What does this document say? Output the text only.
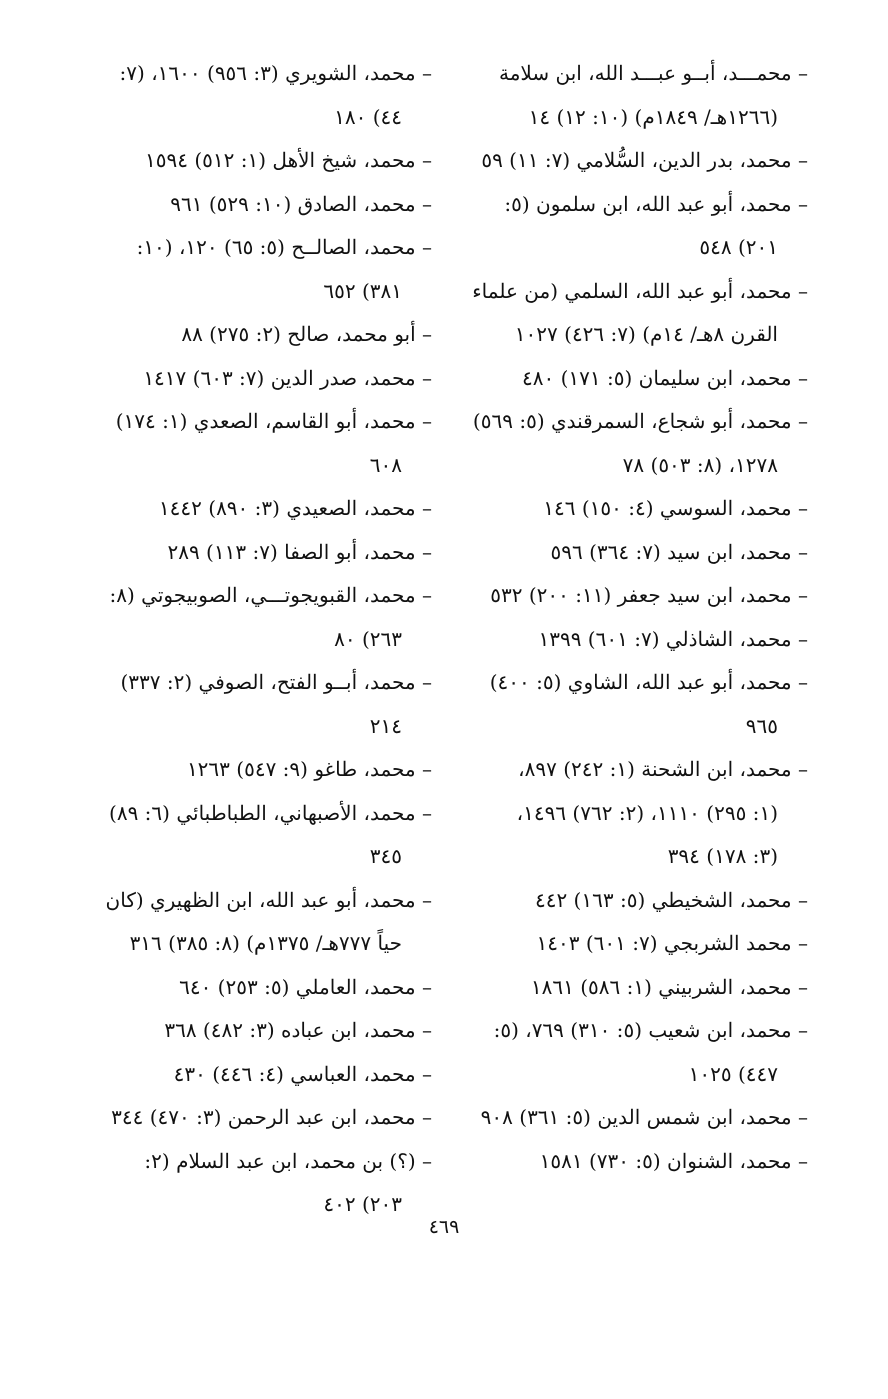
– محمـــد، أبــو عبـــد الله، ابن سلامة
(١٢٦٦هـ/ ١٨٤٩م) (١٠: ١٢) ١٤
– محمد، بدر الدين، السُّلامي (٧: ١١) ٥٩
– محمد، أبو عبد الله، ابن سلمون (٥:
٢٠١) ٥٤٨
– محمد، أبو عبد الله، السلمي (من علماء
القرن ٨هـ/ ١٤م) (٧: ٤٢٦) ١٠٢٧
– محمد، ابن سليمان (٥: ١٧١) ٤٨٠
– محمد، أبو شجاع، السمرقندي (٥: ٥٦٩)
١٢٧٨، (٨: ٥٠٣) ٧٨
– محمد، السوسي (٤: ١٥٠) ١٤٦
– محمد، ابن سيد (٧: ٣٦٤) ٥٩٦
– محمد، ابن سيد جعفر (١١: ٢٠٠) ٥٣٢
– محمد، الشاذلي (٧: ٦٠١) ١٣٩٩
– محمد، أبو عبد الله، الشاوي (٥: ٤٠٠)
٩٦٥
– محمد، ابن الشحنة (١: ٢٤٢) ٨٩٧،
(١: ٢٩٥) ١١١٠، (٢: ٧٦٢) ١٤٩٦،
(٣: ١٧٨) ٣٩٤
– محمد، الشخيطي (٥: ١٦٣) ٤٤٢
– محمد الشربجي (٧: ٦٠١) ١٤٠٣
– محمد، الشربيني (١: ٥٨٦) ١٨٦١
– محمد، ابن شعيب (٥: ٣١٠) ٧٦٩، (٥:
٤٤٧) ١٠٢٥
– محمد، ابن شمس الدين (٥: ٣٦١) ٩٠٨
– محمد، الشنوان (٥: ٧٣٠) ١٥٨١
– محمد، الشويري (٣: ٩٥٦) ١٦٠٠، (٧:
٤٤) ١٨٠
– محمد، شيخ الأهل (١: ٥١٢) ١٥٩٤
– محمد، الصادق (١٠: ٥٢٩) ٩٦١
– محمد، الصالــح (٥: ٦٥) ١٢٠، (١٠:
٣٨١) ٦٥٢
– أبو محمد، صالح (٢: ٢٧٥) ٨٨
– محمد، صدر الدين (٧: ٦٠٣) ١٤١٧
– محمد، أبو القاسم، الصعدي (١: ١٧٤)
٦٠٨
– محمد، الصعيدي (٣: ٨٩٠) ١٤٤٢
– محمد، أبو الصفا (٧: ١١٣) ٢٨٩
– محمد، القبويجوتـــي، الصوبيجوتي (٨:
٢٦٣) ٨٠
– محمد، أبــو الفتح، الصوفي (٢: ٣٣٧)
٢١٤
– محمد، طاغو (٩: ٥٤٧) ١٢٦٣
– محمد، الأصبهاني، الطباطبائي (٦: ٨٩)
٣٤٥
– محمد، أبو عبد الله، ابن الظهيري (كان
حياً ٧٧٧هـ/ ١٣٧٥م) (٨: ٣٨٥) ٣١٦
– محمد، العاملي (٥: ٢٥٣) ٦٤٠
– محمد، ابن عباده (٣: ٤٨٢) ٣٦٨
– محمد، العباسي (٤: ٤٤٦) ٤٣٠
– محمد، ابن عبد الرحمن (٣: ٤٧٠) ٣٤٤
– (؟) بن محمد، ابن عبد السلام (٢:
٢٠٣) ٤٠٢
٤٦٩
